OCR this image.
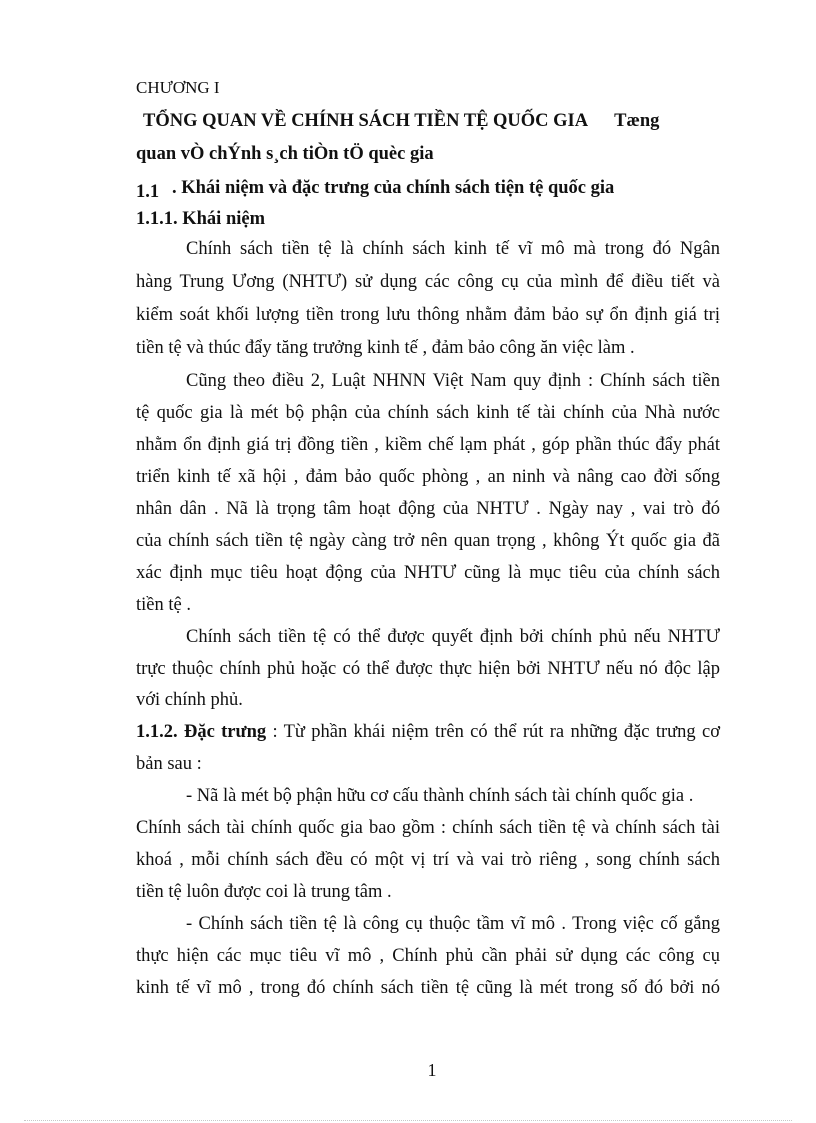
CHƯƠNG I
TỔNG QUAN VỀ CHÍNH SÁCH TIỀN TỆ QUỐC GIA Tæng
quan vÒ chÝnh s¸ch tiÒn tÖ quèc gia
1.1 . Khái niệm và đặc trưng của chính sách tiện tệ quốc gia
1.1.1. Khái niệm
Chính sách tiền tệ là chính sách kinh tế vĩ mô mà trong đó Ngân
hàng Trung Ương (NHTƯ) sử dụng các công cụ của mình để điều tiết và
kiểm soát khối lượng tiền trong lưu thông nhằm đảm bảo sự ổn định giá trị
tiền tệ và thúc đẩy tăng trưởng kinh tế , đảm bảo công ăn việc làm .
Cũng theo điều 2, Luật NHNN Việt Nam quy định : Chính sách tiền
tệ quốc gia là mét bộ phận của chính sách kinh tế tài chính của Nhà nước
nhằm ổn định giá trị đồng tiền , kiềm chế lạm phát , góp phần thúc đẩy phát
triển kinh tế xã hội , đảm bảo quốc phòng , an ninh và nâng cao đời sống
nhân dân . Nã là trọng tâm hoạt động của NHTƯ . Ngày nay , vai trò đó
của chính sách tiền tệ ngày càng trở nên quan trọng , không Ýt quốc gia đã
xác định mục tiêu hoạt động của NHTƯ cũng là mục tiêu của chính sách
tiền tệ .
Chính sách tiền tệ có thể được quyết định bởi chính phủ nếu NHTƯ
trực thuộc chính phủ hoặc có thể được thực hiện bởi NHTƯ nếu nó độc lập
với chính phủ.
1.1.2. Đặc trưng : Từ phần khái niệm trên có thể rút ra những đặc trưng cơ
bản sau :
- Nã là mét bộ phận hữu cơ cấu thành chính sách tài chính quốc gia .
Chính sách tài chính quốc gia bao gồm : chính sách tiền tệ và chính sách tài
khoá , mỗi chính sách đều có một vị trí và vai trò riêng , song chính sách
tiền tệ luôn được coi là trung tâm .
- Chính sách tiền tệ là công cụ thuộc tầm vĩ mô . Trong việc cố gắng
thực hiện các mục tiêu vĩ mô , Chính phủ cần phải sử dụng các công cụ
kinh tế vĩ mô , trong đó chính sách tiền tệ cũng là mét trong số đó bởi nó
1
